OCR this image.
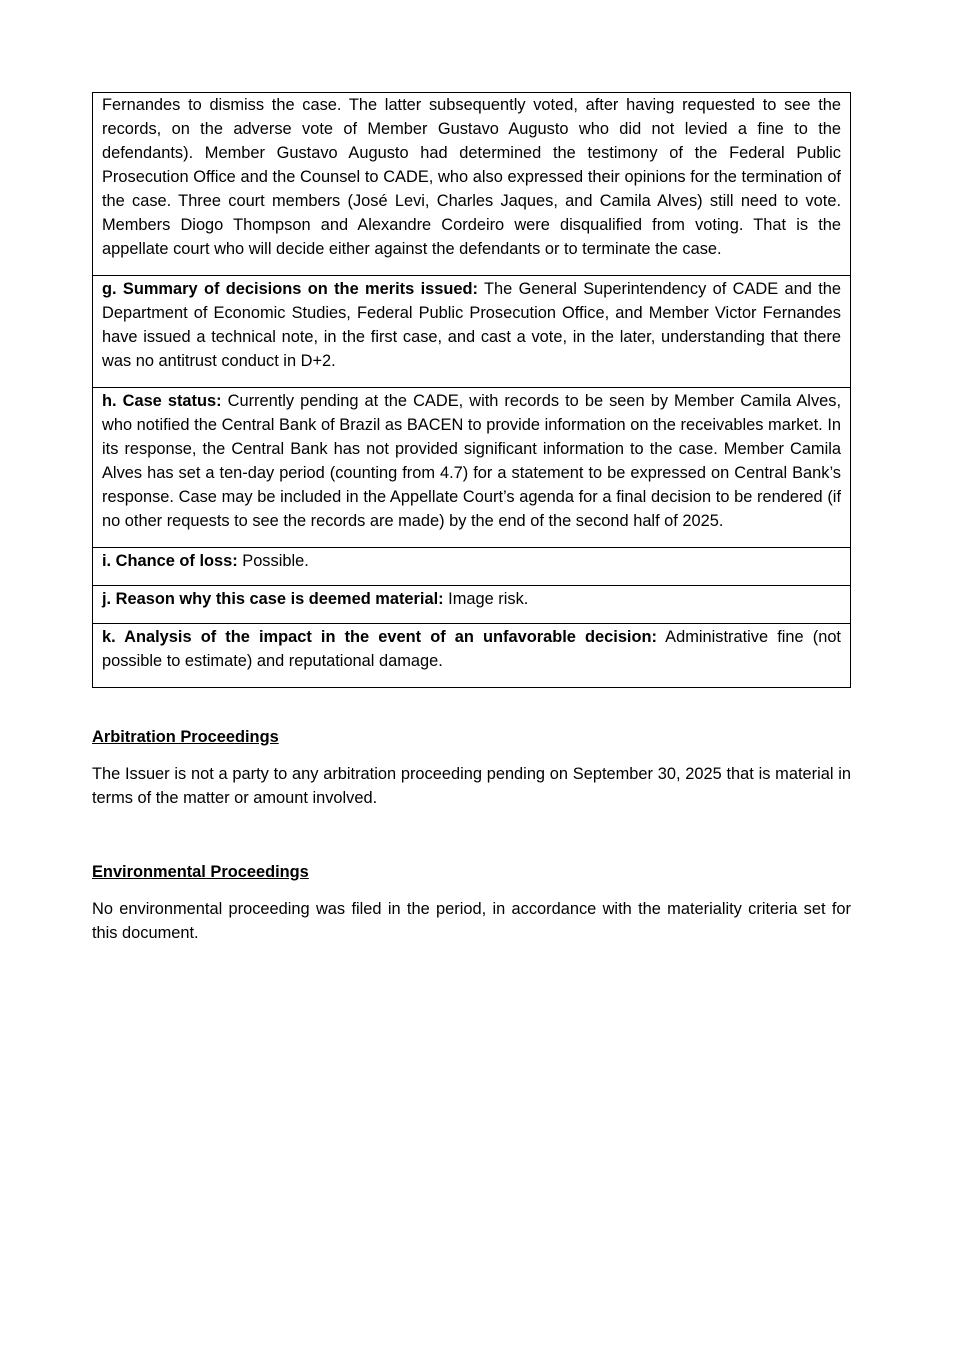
Fernandes to dismiss the case. The latter subsequently voted, after having requested to see the records, on the adverse vote of Member Gustavo Augusto who did not levied a fine to the defendants). Member Gustavo Augusto had determined the testimony of the Federal Public Prosecution Office and the Counsel to CADE, who also expressed their opinions for the termination of the case. Three court members (José Levi, Charles Jaques, and Camila Alves) still need to vote. Members Diogo Thompson and Alexandre Cordeiro were disqualified from voting. That is the appellate court who will decide either against the defendants or to terminate the case.
g. Summary of decisions on the merits issued: The General Superintendency of CADE and the Department of Economic Studies, Federal Public Prosecution Office, and Member Victor Fernandes have issued a technical note, in the first case, and cast a vote, in the later, understanding that there was no antitrust conduct in D+2.
h. Case status: Currently pending at the CADE, with records to be seen by Member Camila Alves, who notified the Central Bank of Brazil as BACEN to provide information on the receivables market. In its response, the Central Bank has not provided significant information to the case. Member Camila Alves has set a ten-day period (counting from 4.7) for a statement to be expressed on Central Bank’s response. Case may be included in the Appellate Court’s agenda for a final decision to be rendered (if no other requests to see the records are made) by the end of the second half of 2025.
i. Chance of loss: Possible.
j. Reason why this case is deemed material: Image risk.
k. Analysis of the impact in the event of an unfavorable decision: Administrative fine (not possible to estimate) and reputational damage.

Arbitration Proceedings

The Issuer is not a party to any arbitration proceeding pending on September 30, 2025 that is material in terms of the matter or amount involved.

Environmental Proceedings

No environmental proceeding was filed in the period, in accordance with the materiality criteria set for this document.
